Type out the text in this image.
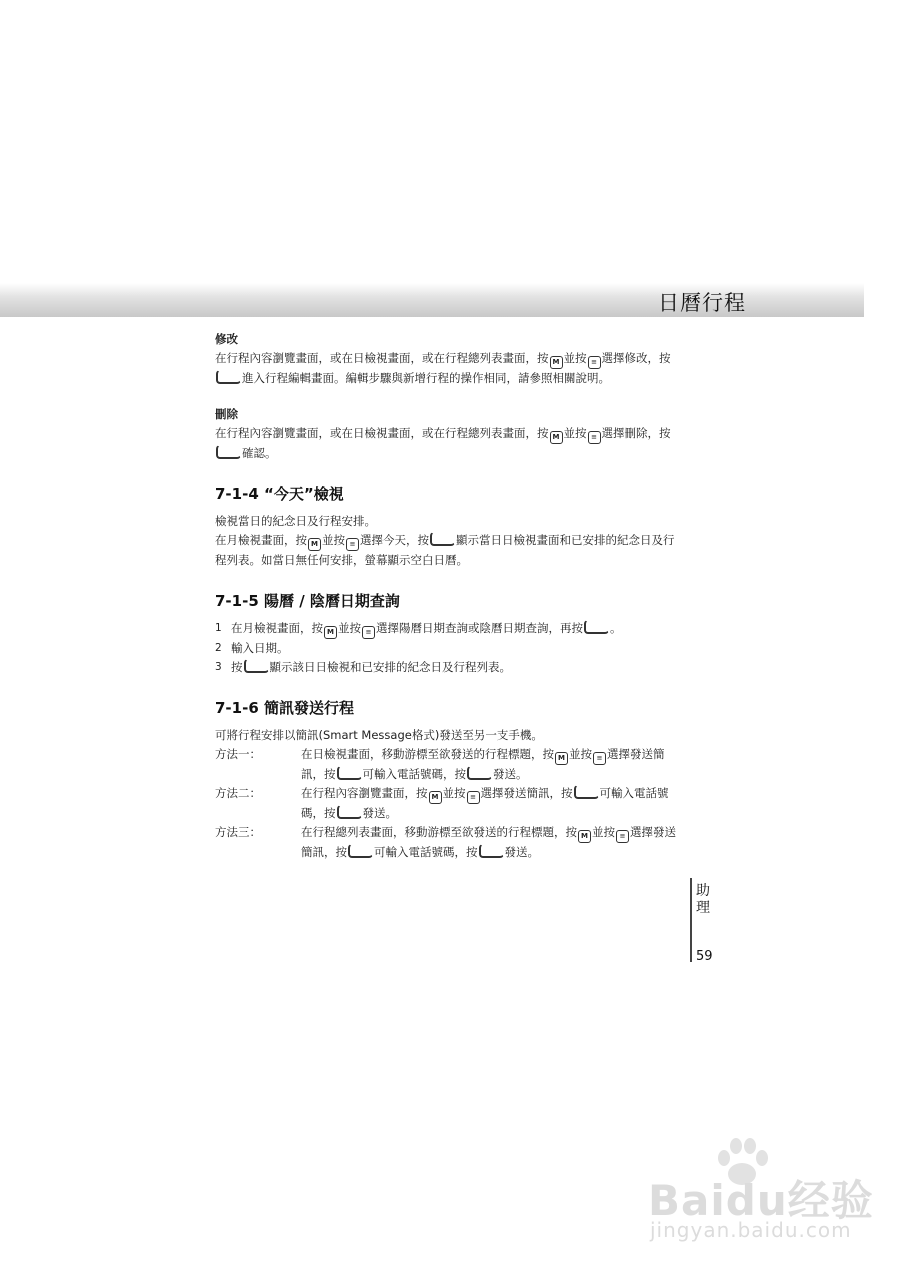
日曆行程

修改

在行程內容瀏覽畫面，或在日檢視畫面，或在行程總列表畫面，按 M 並按 ≡ 選擇修改，按進入行程編輯畫面。編輯步驟與新增行程的操作相同，請參照相關說明。

刪除

在行程內容瀏覽畫面，或在日檢視畫面，或在行程總列表畫面，按 M 並按 ≡ 選擇刪除，按確認。

7-1-4 “今天”檢視

檢視當日的紀念日及行程安排。

在月檢視畫面，按 M 並按 ≡ 選擇今天，按 顯示當日日檢視畫面和已安排的紀念日及行程列表。如當日無任何安排，螢幕顯示空白日曆。

7-1-5 陽曆 / 陰曆日期查詢
1 在月檢視畫面，按 M 並按 ≡ 選擇陽曆日期查詢或陰曆日期查詢，再按 。
2 輸入日期。
3 按 顯示該日日檢視和已安排的紀念日及行程列表。
7-1-6 簡訊發送行程

可將行程安排以簡訊(Smart Message格式)發送至另一支手機。

方法一：	在日檢視畫面，移動游標至欲發送的行程標題，按 M 並按 ≡ 選擇發送簡訊，按 可輸入電話號碼，按 發送。
方法二：	在行程內容瀏覽畫面，按 M 並按 ≡ 選擇發送簡訊，按 可輸入電話號碼，按 發送。
方法三：	在行程總列表畫面，移動游標至欲發送的行程標題，按 M 並按 ≡ 選擇發送簡訊，按 可輸入電話號碼，按 發送。
助
理
59
Baidu经验
jingyan.baidu.com
